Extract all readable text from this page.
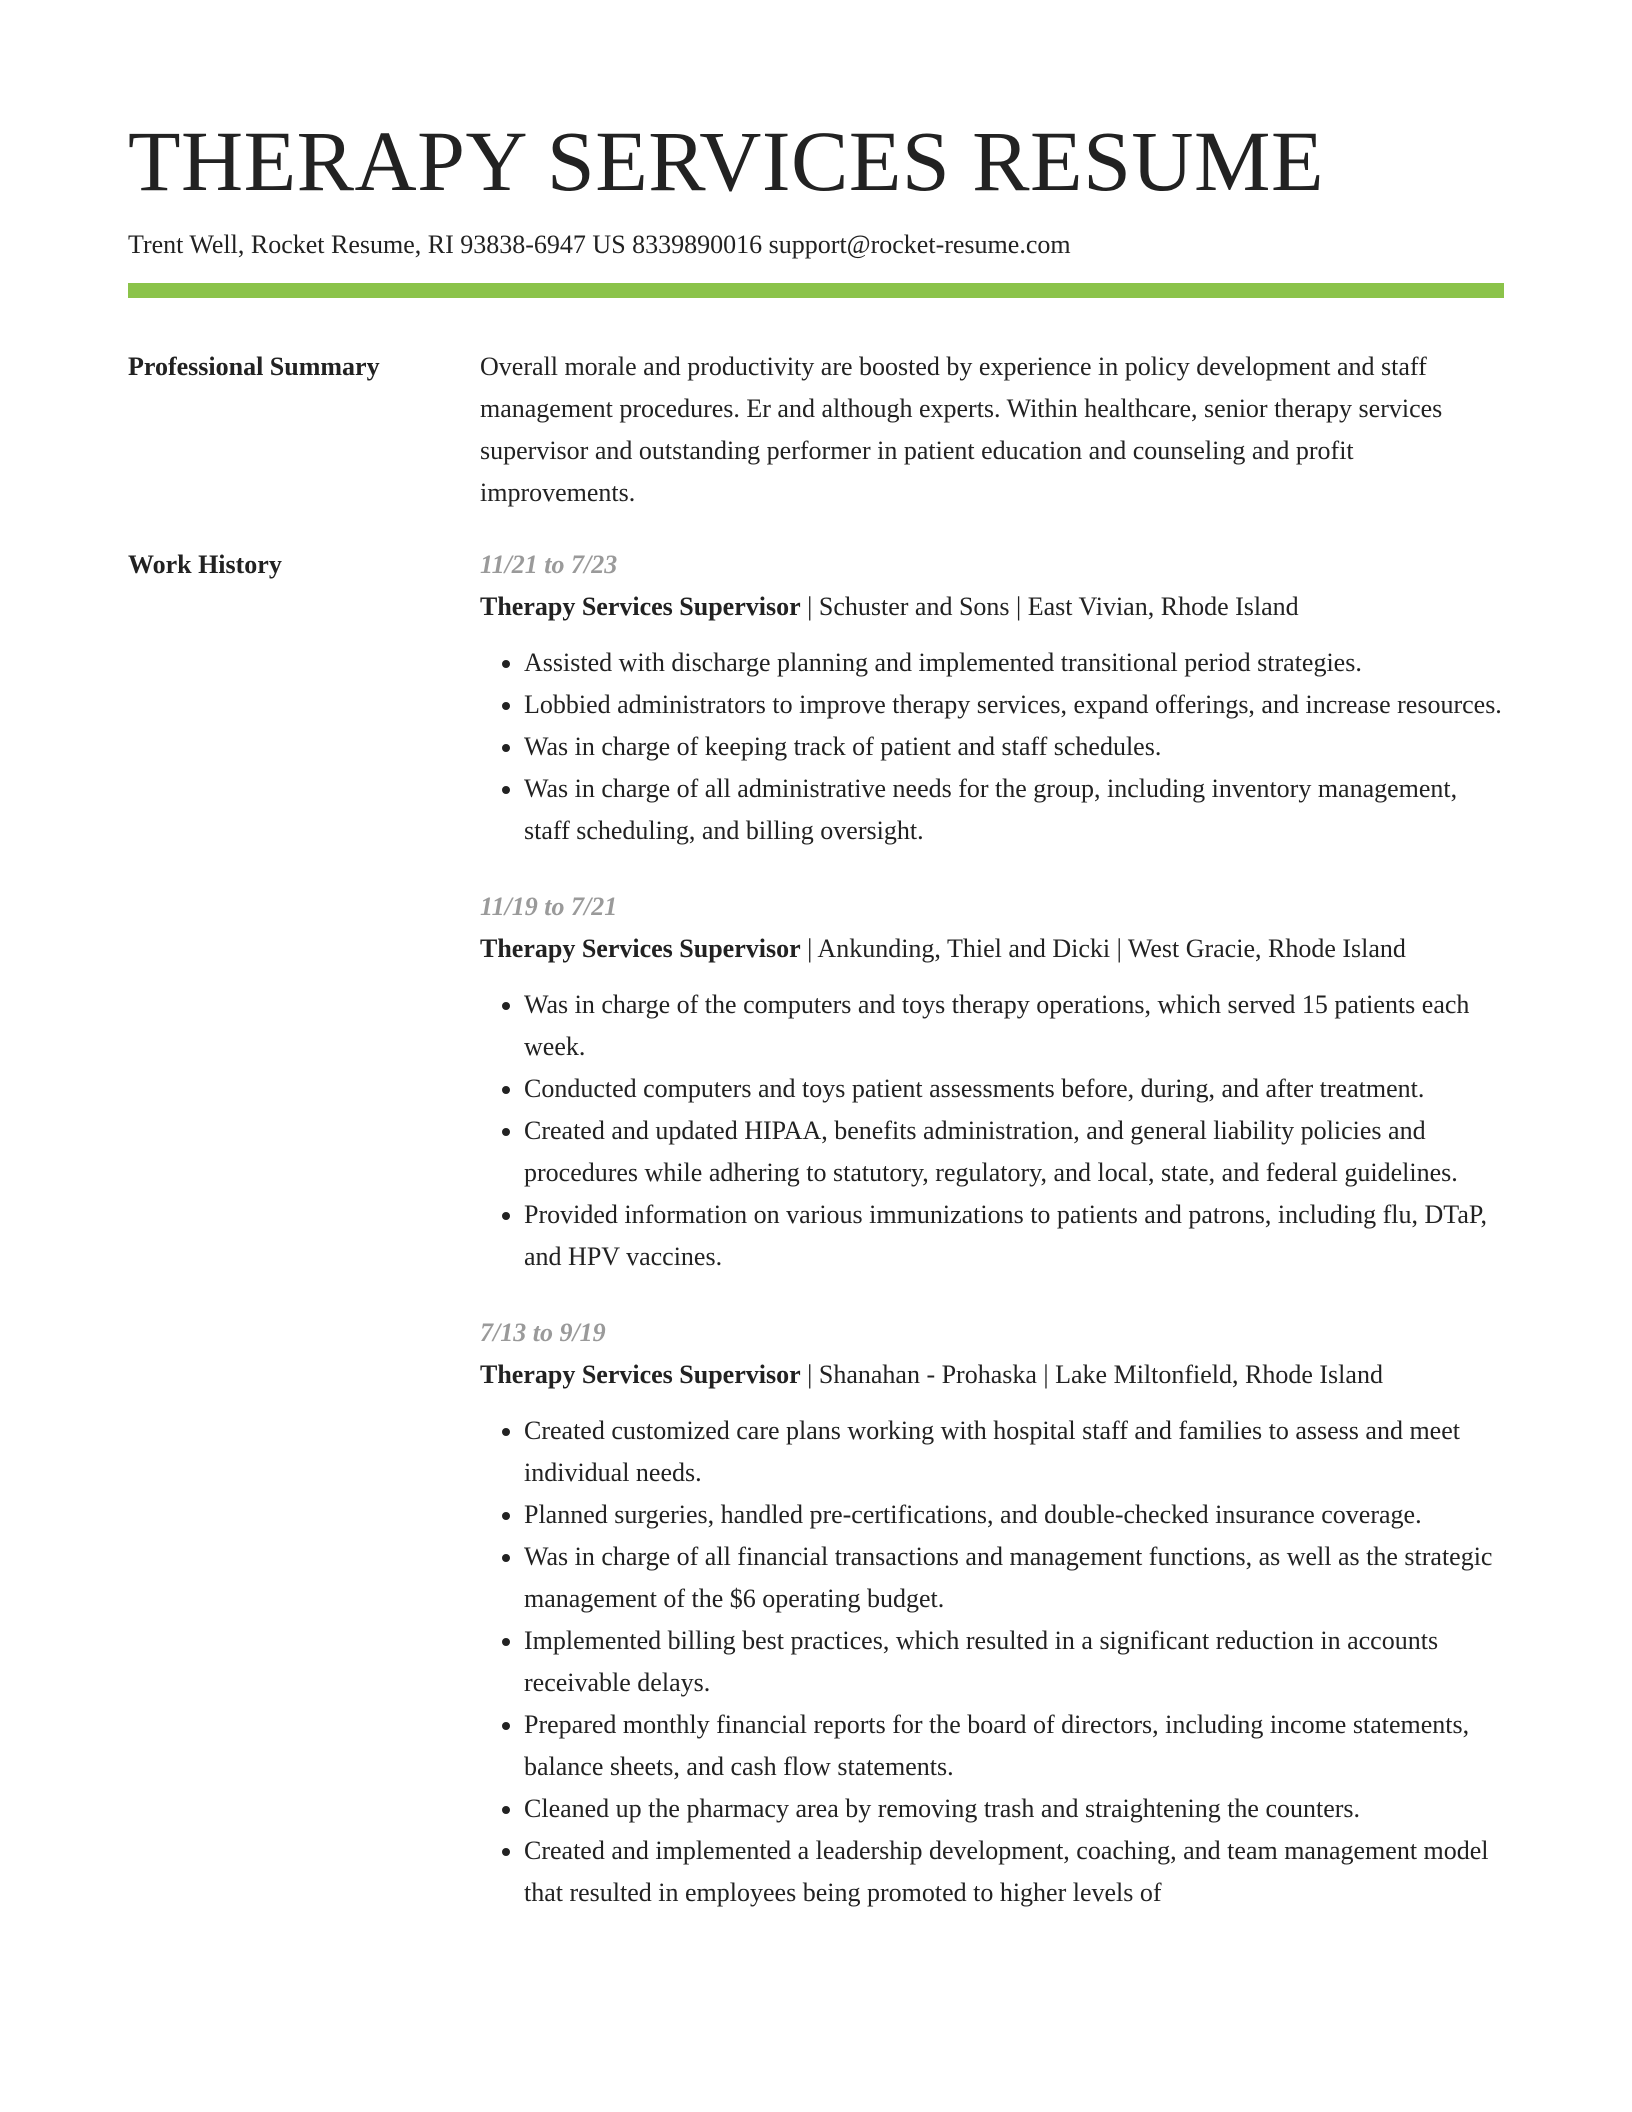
THERAPY SERVICES RESUME
Trent Well, Rocket Resume, RI 93838-6947 US 8339890016 support@rocket-resume.com
Professional Summary	Overall morale and productivity are boosted by experience in policy development and staff management procedures. Er and although experts. Within healthcare, senior therapy services supervisor and outstanding performer in patient education and counseling and profit improvements.

Work History	11/21 to 7/23
Therapy Services Supervisor | Schuster and Sons | East Vivian, Rhode Island
• Assisted with discharge planning and implemented transitional period strategies.
• Lobbied administrators to improve therapy services, expand offerings, and increase resources.
• Was in charge of keeping track of patient and staff schedules.
• Was in charge of all administrative needs for the group, including inventory management, staff scheduling, and billing oversight.
11/19 to 7/21
Therapy Services Supervisor | Ankunding, Thiel and Dicki | West Gracie, Rhode Island
• Was in charge of the computers and toys therapy operations, which served 15 patients each week.
• Conducted computers and toys patient assessments before, during, and after treatment.
• Created and updated HIPAA, benefits administration, and general liability policies and procedures while adhering to statutory, regulatory, and local, state, and federal guidelines.
• Provided information on various immunizations to patients and patrons, including flu, DTaP, and HPV vaccines.
7/13 to 9/19
Therapy Services Supervisor | Shanahan - Prohaska | Lake Miltonfield, Rhode Island
• Created customized care plans working with hospital staff and families to assess and meet individual needs.
• Planned surgeries, handled pre-certifications, and double-checked insurance coverage.
• Was in charge of all financial transactions and management functions, as well as the strategic management of the $6 operating budget.
• Implemented billing best practices, which resulted in a significant reduction in accounts receivable delays.
• Prepared monthly financial reports for the board of directors, including income statements, balance sheets, and cash flow statements.
• Cleaned up the pharmacy area by removing trash and straightening the counters.
• Created and implemented a leadership development, coaching, and team management model that resulted in employees being promoted to higher levels of
